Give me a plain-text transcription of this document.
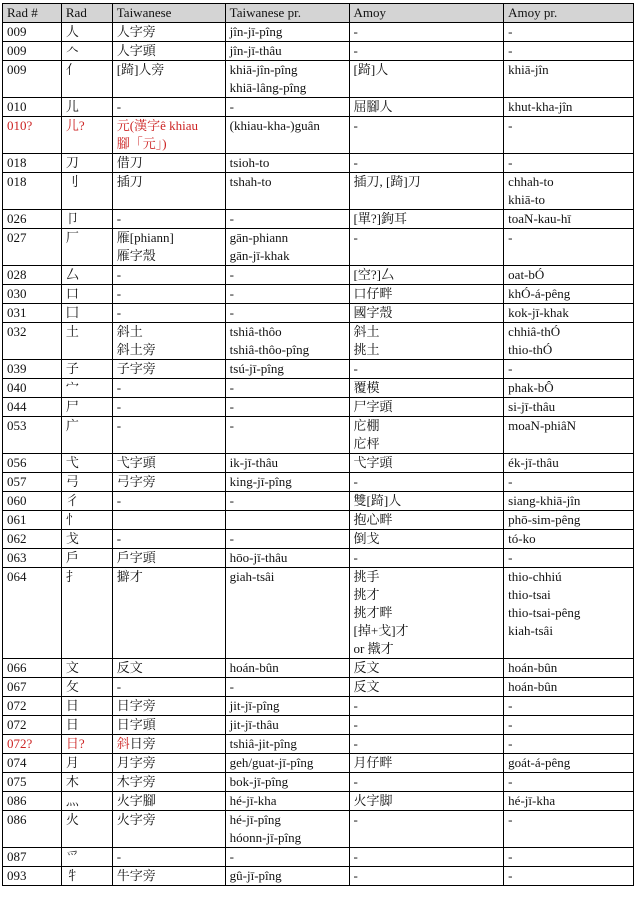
Rad #	Rad	Taiwanese	Taiwanese pr.	Amoy	Amoy pr.
009	人	人字旁	jîn-jī-pîng	-	-

009	𠆢	人字頭	jîn-jī-thâu	-	-

009	亻	[踦]人旁	khiā-jîn-pîng
khiā-lâng-pîng	[踦]人	khiā-jîn

010	儿	-	-	屈腳人	khut-kha-jîn

010?	儿?	元(漢字ê khiau
腳「元」)	(khiau-kha-)guân	-	-

018	刀	借刀	tsioh-to	-	-

018	刂	插刀	tshah-to	插刀, [踦]刀	chhah-to
khiā-to

026	卩	-	-	[單?]鉤耳	toaN-kau-hī

027	厂	雁[phiann]
雁字殼	gān-phiann
gān-jī-khak	-	-

028	厶	-	-	[空?]厶	oat-bÓ

030	口	-	-	口仔畔	khÓ-á-pêng

031	囗	-	-	國字殼	kok-jī-khak

032	土	斜土
斜土旁	tshiâ-thôo
tshiâ-thôo-pîng	斜土
挑土	chhiâ-thÓ
thio-thÓ

039	子	子字旁	tsú-jī-pîng	-	-

040	宀	-	-	覆模	phak-bÔ

044	尸	-	-	尸字頭	si-jī-thâu

053	广	-	-	庀棚
庀枰	moaN-phiâN

056	弋	弋字頭	ik-jī-thâu	弋字頭	ék-jī-thâu

057	弓	弓字旁	king-jī-pîng	-	-

060	彳	-	-	雙[踦]人	siang-khiā-jîn

061	忄			抱心畔	phō-sim-pêng

062	戈	-	-	倒戈	tó-ko

063	戶	戶字頭	hōo-jī-thâu	-	-

064	扌	擗才	giah-tsâi	挑手
挑才
挑才畔
[掉+戈]才
or 撠才	thio-chhiú
thio-tsai
thio-tsai-pêng
kiah-tsâi

066	文	反文	hoán-bûn	反文	hoán-bûn

067	攵	-	-	反文	hoán-bûn

072	日	日字旁	jit-jī-pîng	-	-

072	日	日字頭	jit-jī-thâu	-	-

072?	日?	斜日旁	tshiâ-jit-pîng	-	-

074	月	月字旁	geh/guat-jī-pîng	月仔畔	goát-á-pêng

075	木	木字旁	bok-jī-pîng	-	-

086	灬	火字腳	hé-jī-kha	火字脚	hé-jī-kha

086	火	火字旁	hé-jī-pîng
hóonn-jī-pîng	-	-

087	爫	-	-	-	-

093	牜	牛字旁	gû-jī-pîng	-	-
